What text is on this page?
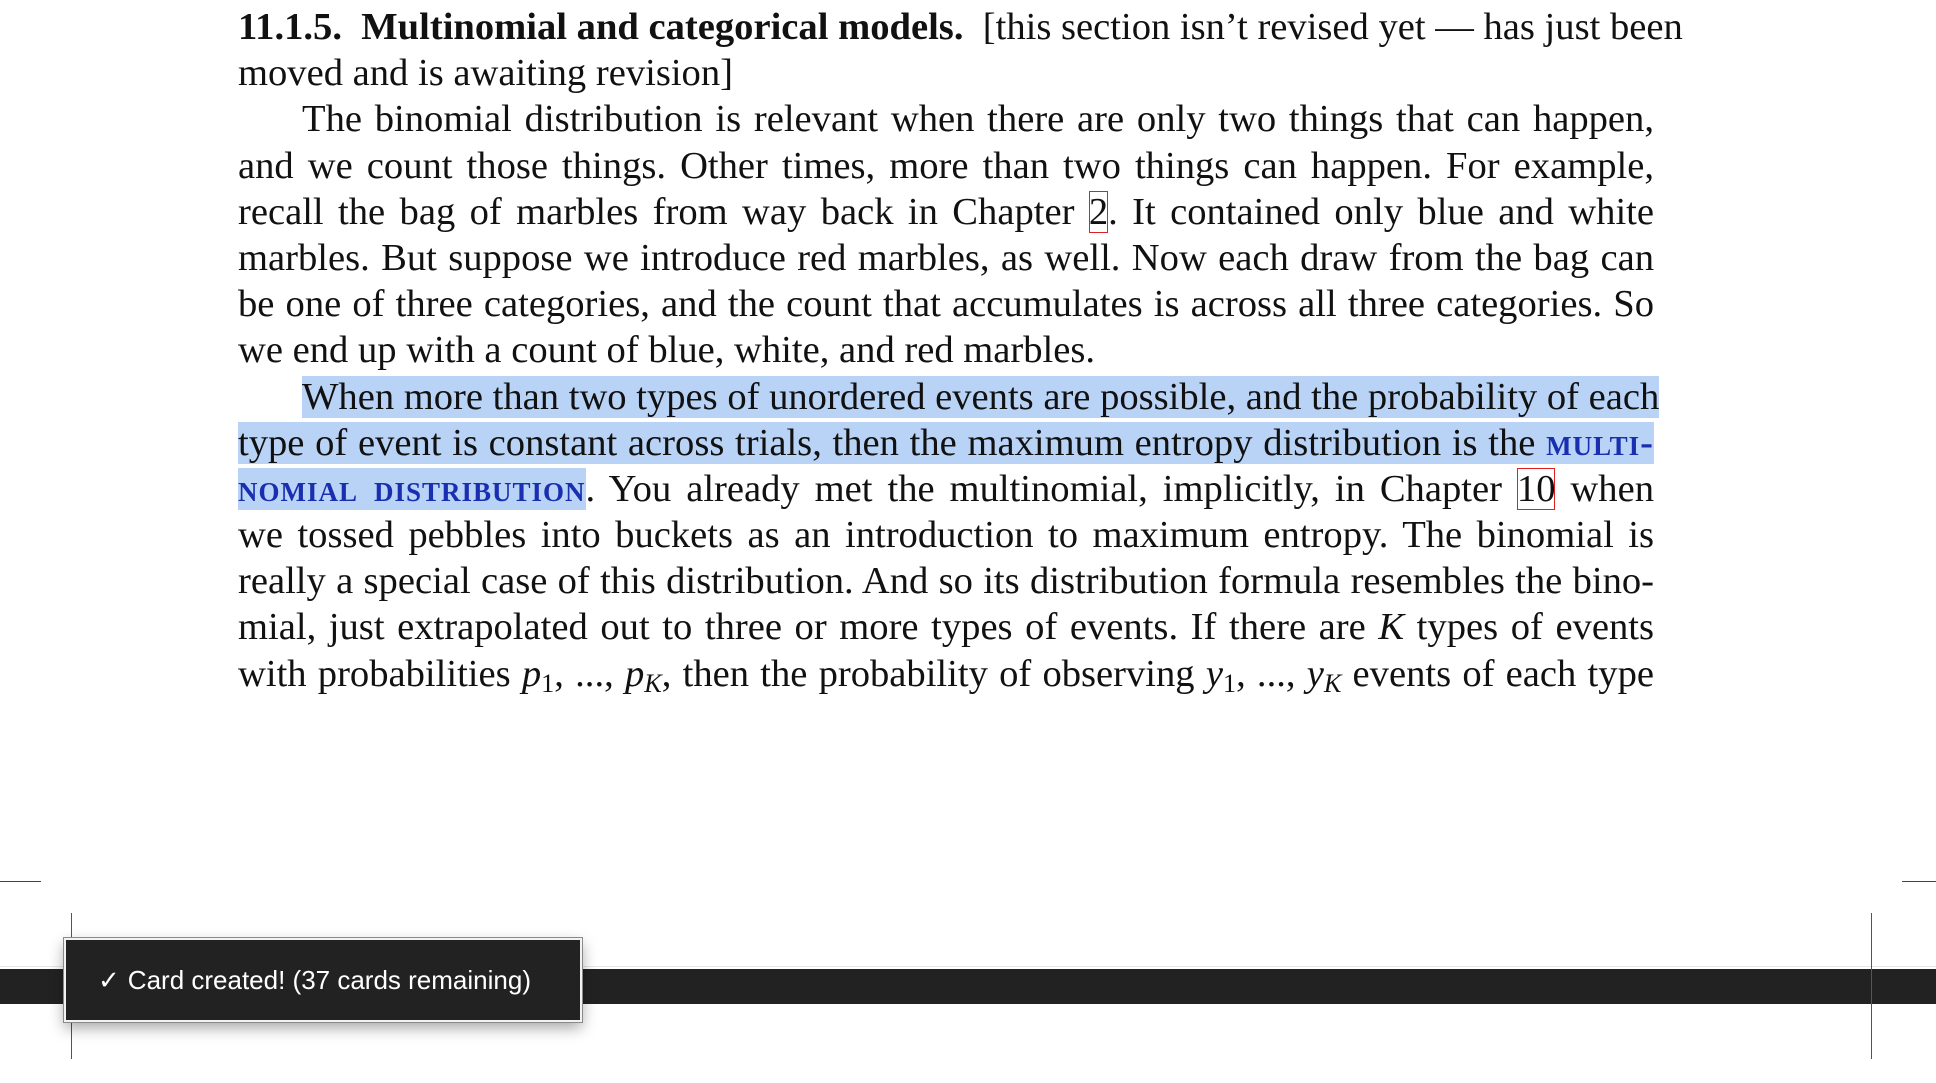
11.1.5. Multinomial and categorical models. [this section isn’t revised yet — has just been
moved and is awaiting revision]
The binomial distribution is relevant when there are only two things that can happen,
and we count those things. Other times, more than two things can happen. For example,
recall the bag of marbles from way back in Chapter 2. It contained only blue and white
marbles. But suppose we introduce red marbles, as well. Now each draw from the bag can
be one of three categories, and the count that accumulates is across all three categories. So
we end up with a count of blue, white, and red marbles.
When more than two types of unordered events are possible, and the probability of each
type of event is constant across trials, then the maximum entropy distribution is the multi-
nomial distribution. You already met the multinomial, implicitly, in Chapter 10 when
we tossed pebbles into buckets as an introduction to maximum entropy. The binomial is
really a special case of this distribution. And so its distribution formula resembles the bino-
mial, just extrapolated out to three or more types of events. If there are K types of events
with probabilities $p_1$, ..., $p_K$, then the probability of observing $y_1$, ..., $y_K$ events of each type
✓ Card created! (37 cards remaining)
